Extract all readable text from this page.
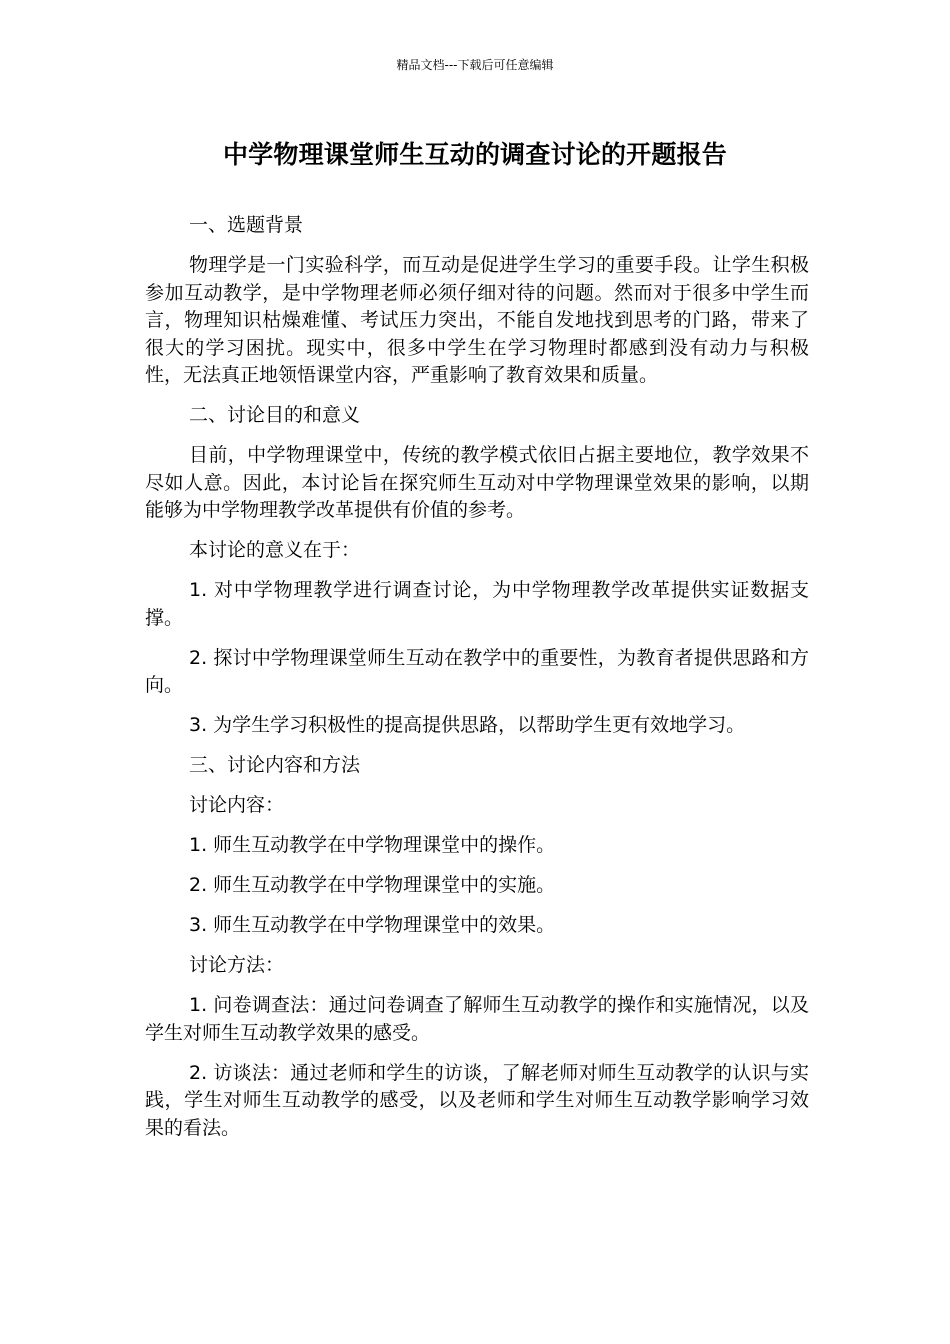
精品文档---下载后可任意编辑
中学物理课堂师生互动的调查讨论的开题报告

一、选题背景

物理学是一门实验科学，而互动是促进学生学习的重要手段。让学生积极参加互动教学，是中学物理老师必须仔细对待的问题。然而对于很多中学生而言，物理知识枯燥难懂、考试压力突出，不能自发地找到思考的门路，带来了很大的学习困扰。现实中，很多中学生在学习物理时都感到没有动力与积极性，无法真正地领悟课堂内容，严重影响了教育效果和质量。

二、讨论目的和意义

目前，中学物理课堂中，传统的教学模式依旧占据主要地位，教学效果不尽如人意。因此，本讨论旨在探究师生互动对中学物理课堂效果的影响，以期能够为中学物理教学改革提供有价值的参考。

本讨论的意义在于：

1. 对中学物理教学进行调查讨论，为中学物理教学改革提供实证数据支撑。

2. 探讨中学物理课堂师生互动在教学中的重要性，为教育者提供思路和方向。

3. 为学生学习积极性的提高提供思路，以帮助学生更有效地学习。

三、讨论内容和方法

讨论内容：

1. 师生互动教学在中学物理课堂中的操作。

2. 师生互动教学在中学物理课堂中的实施。

3. 师生互动教学在中学物理课堂中的效果。

讨论方法：

1. 问卷调查法：通过问卷调查了解师生互动教学的操作和实施情况，以及学生对师生互动教学效果的感受。

2. 访谈法：通过老师和学生的访谈，了解老师对师生互动教学的认识与实践，学生对师生互动教学的感受，以及老师和学生对师生互动教学影响学习效果的看法。
